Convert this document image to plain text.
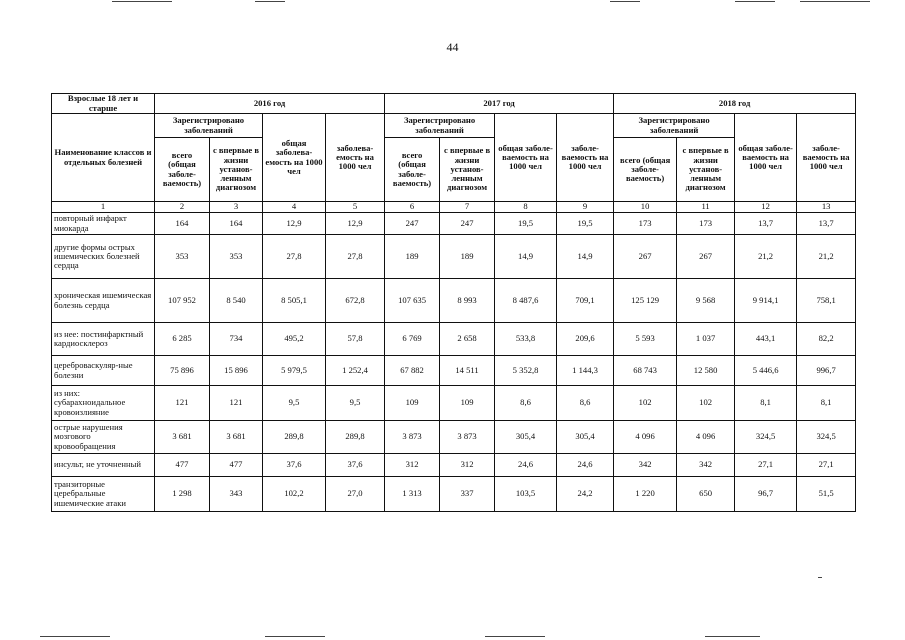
44
Взрослые 18 лет и старше	2016 год				2017 год				2018 год			
Наименование классов и отдельных болезней	Зарегистрировано заболеваний		общая заболева-емость на 1000 чел	заболева-емость на 1000 чел	Зарегистрировано заболеваний		общая заболе-ваемость на 1000 чел	заболе-ваемость на 1000 чел	Зарегистрировано заболеваний		общая заболе-ваемость на 1000 чел	заболе-ваемость на 1000 чел
	всего (общая заболе-ваемость)	с впервые в жизни установ-ленным диагнозом			всего (общая заболе-ваемость)	с впервые в жизни установ-ленным диагнозом			всего (общая заболе-ваемость)	с впервые в жизни установ-ленным диагнозом		
1	2	3	4	5	6	7	8	9	10	11	12	13
повторный инфаркт миокарда	164	164	12,9	12,9	247	247	19,5	19,5	173	173	13,7	13,7
другие формы острых ишемических болезней сердца	353	353	27,8	27,8	189	189	14,9	14,9	267	267	21,2	21,2
хроническая ишемическая болезнь сердца	107 952	8 540	8 505,1	672,8	107 635	8 993	8 487,6	709,1	125 129	9 568	9 914,1	758,1
из нее: постинфарктный кардиосклероз	6 285	734	495,2	57,8	6 769	2 658	533,8	209,6	5 593	1 037	443,1	82,2
цереброваскуляр-ные болезни	75 896	15 896	5 979,5	1 252,4	67 882	14 511	5 352,8	1 144,3	68 743	12 580	5 446,6	996,7
из них: субарахноидальное кровоизлияние	121	121	9,5	9,5	109	109	8,6	8,6	102	102	8,1	8,1
острые нарушения мозгового кровообращения	3 681	3 681	289,8	289,8	3 873	3 873	305,4	305,4	4 096	4 096	324,5	324,5
инсульт, не уточненный	477	477	37,6	37,6	312	312	24,6	24,6	342	342	27,1	27,1
транзиторные церебральные ишемические атаки	1 298	343	102,2	27,0	1 313	337	103,5	24,2	1 220	650	96,7	51,5
